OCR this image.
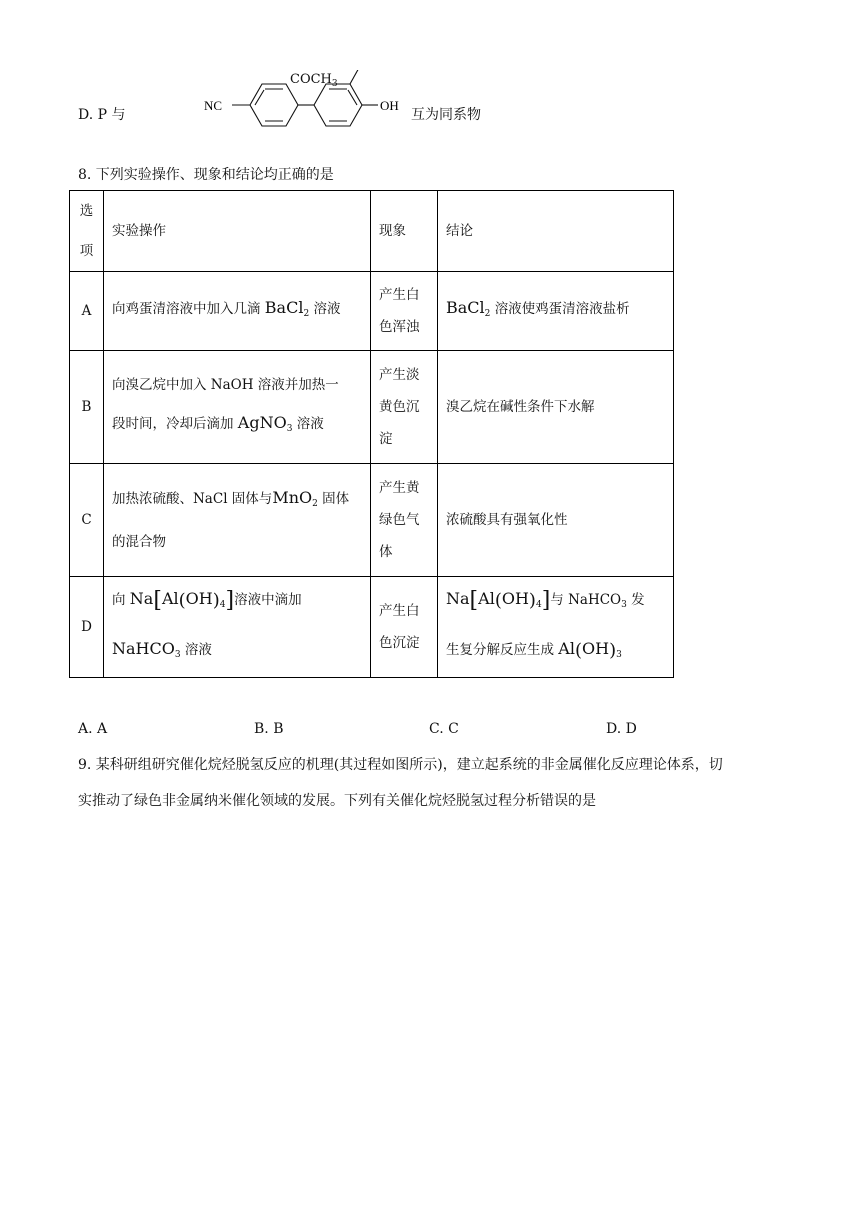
D. P 与
NC	OH
$COCH_3$
互为同系物
8. 下列实验操作、现象和结论均正确的是
选
项	实验操作	现象	结论
A	向鸡蛋清溶液中加入几滴 BaCl$_2$ 溶液	产生白
色浑浊	BaCl$_2$ 溶液使鸡蛋清溶液盐析
B	向溴乙烷中加入 NaOH 溶液并加热一
段时间，冷却后滴加 AgNO$_3$ 溶液	产生淡
黄色沉
淀	溴乙烷在碱性条件下水解
C	加热浓硫酸、NaCl 固体与MnO$_2$ 固体
的混合物	产生黄
绿色气
体	浓硫酸具有强氧化性
D	向 $Na[Al(OH)_4]$溶液中滴加
NaHCO$_3$ 溶液	产生白
色沉淀	$Na[Al(OH)_4]$与 NaHCO$_3$ 发
生复分解反应生成 $Al(OH)_3$
A. A	B. B	C. C	D. D
9. 某科研组研究催化烷烃脱氢反应的机理(其过程如图所示)，建立起系统的非金属催化反应理论体系，切
实推动了绿色非金属纳米催化领域的发展。下列有关催化烷烃脱氢过程分析错误的是
